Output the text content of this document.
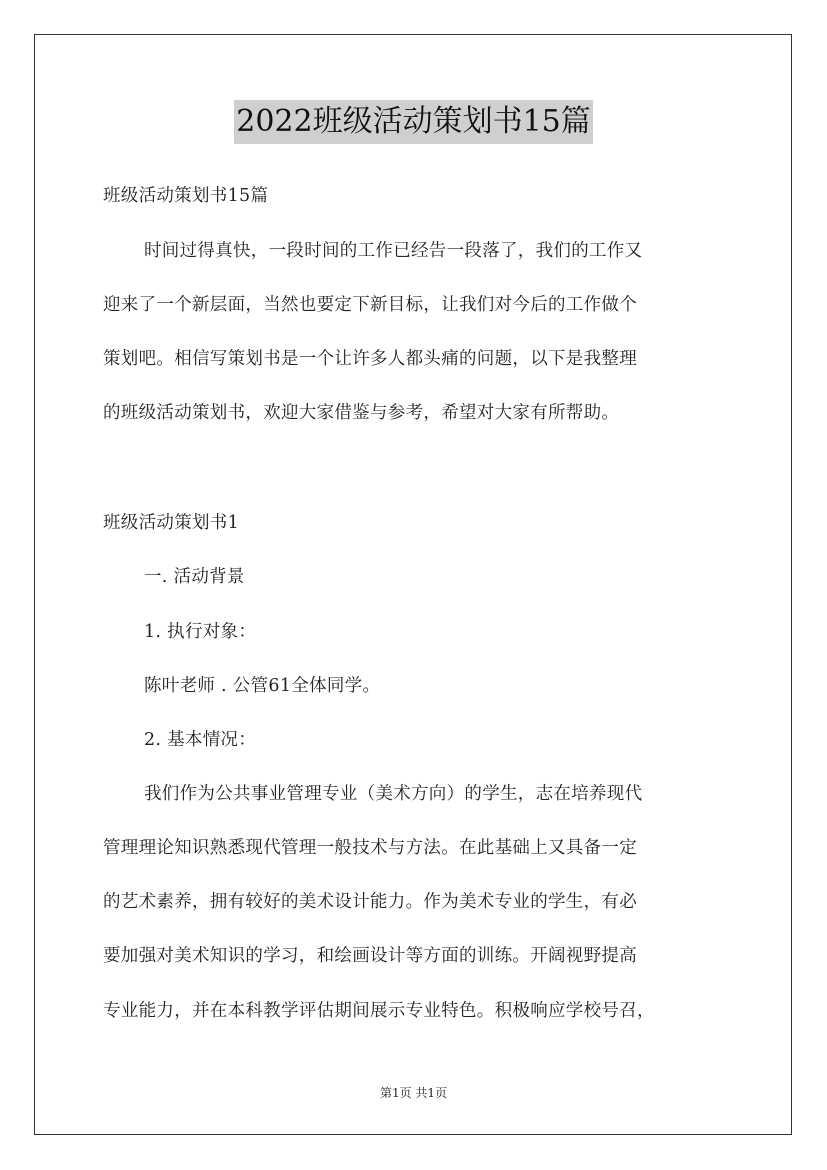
2022班级活动策划书15篇
班级活动策划书15篇
时间过得真快，一段时间的工作已经告一段落了，我们的工作又
迎来了一个新层面，当然也要定下新目标，让我们对今后的工作做个
策划吧。相信写策划书是一个让许多人都头痛的问题，以下是我整理
的班级活动策划书，欢迎大家借鉴与参考，希望对大家有所帮助。
班级活动策划书1
一. 活动背景
1. 执行对象：
陈叶老师 . 公管61全体同学。
2. 基本情况：
我们作为公共事业管理专业（美术方向）的学生，志在培养现代
管理理论知识熟悉现代管理一般技术与方法。在此基础上又具备一定
的艺术素养，拥有较好的美术设计能力。作为美术专业的学生，有必
要加强对美术知识的学习，和绘画设计等方面的训练。开阔视野提高
专业能力，并在本科教学评估期间展示专业特色。积极响应学校号召，
第1页 共1页
